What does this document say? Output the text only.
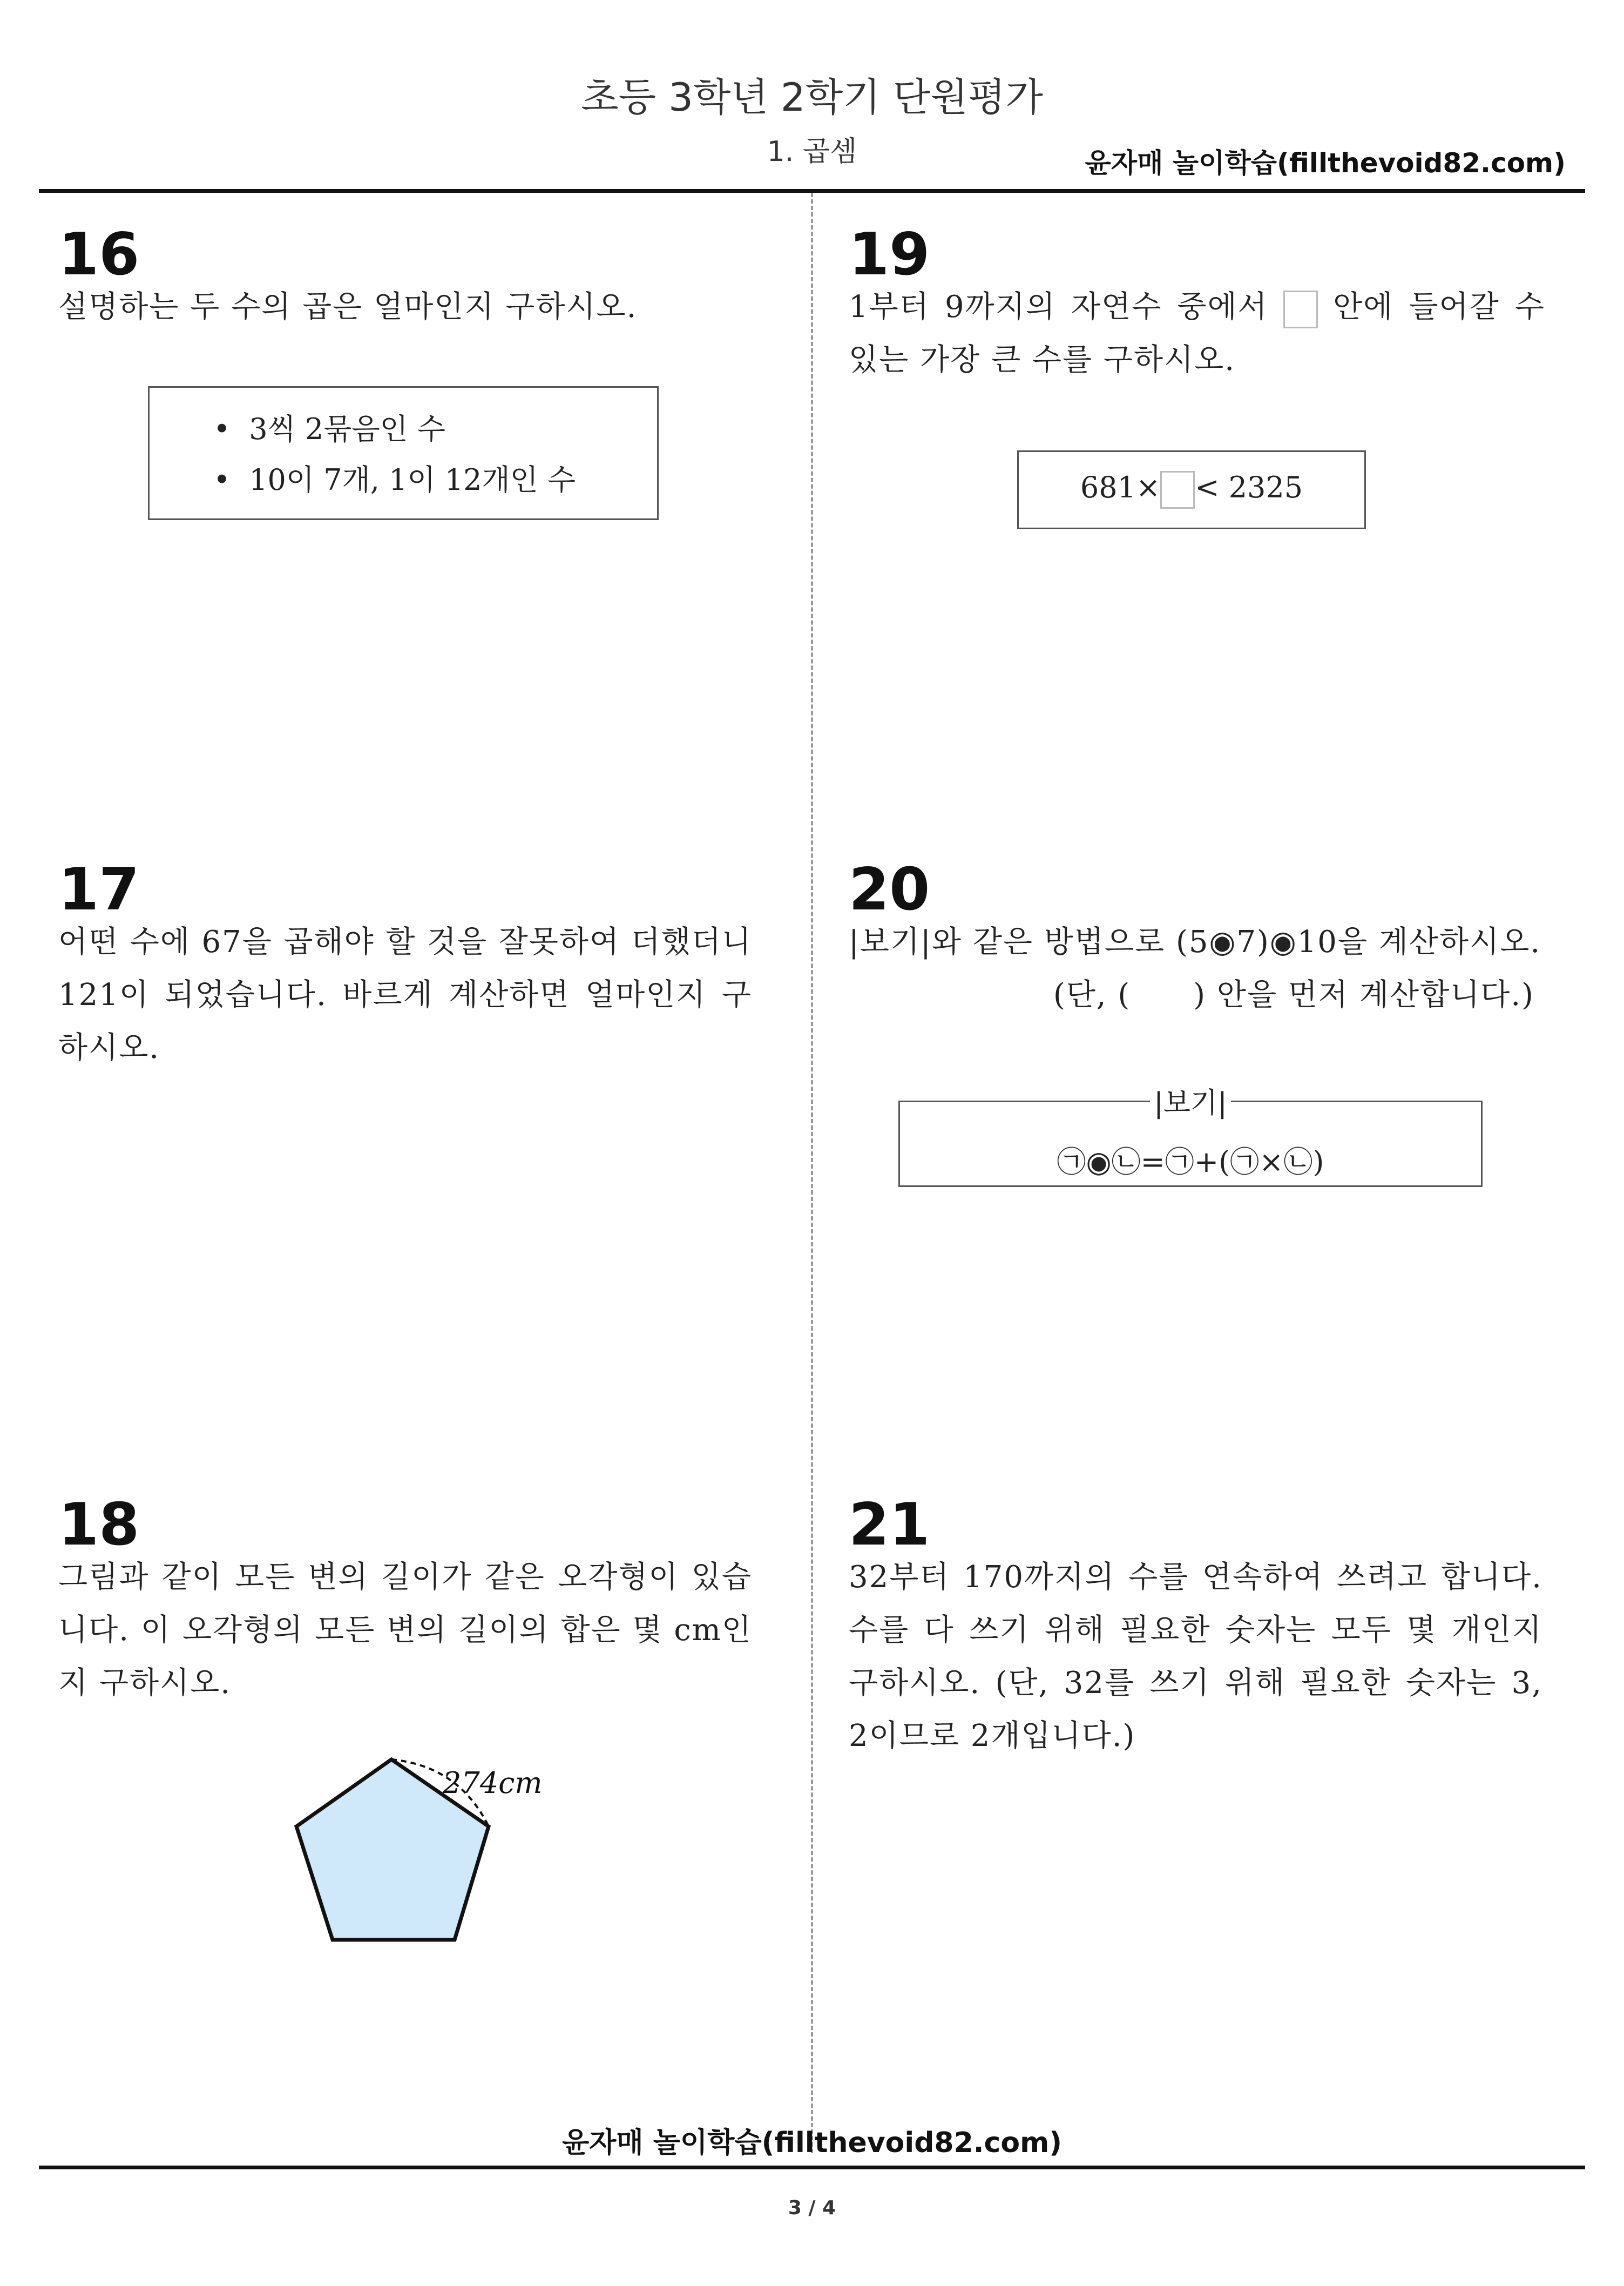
초등 3학년 2학기 단원평가
1. 곱셈	윤자매 놀이학습(fillthevoid82.com)
16
설명하는 두 수의 곱은 얼마인지 구하시오.
•  3씩 2묶음인 수
•  10이 7개, 1이 12개인 수
17
어떤 수에 67을 곱해야 할 것을 잘못하여 더했더니 121이 되었습니다. 바르게 계산하면 얼마인지 구하시오.
18
그림과 같이 모든 변의 길이가 같은 오각형이 있습니다. 이 오각형의 모든 변의 길이의 합은 몇 cm인지 구하시오.
274cm
19
1부터 9까지의 자연수 중에서 안에 들어갈 수 있는 가장 큰 수를 구하시오.
681× < 2325
20
|보기|와 같은 방법으로 (5◉7)◉10을 계산하시오.
(단, (　　) 안을 먼저 계산합니다.)
㉠◉㉡=㉠+(㉠×㉡)
|보기|
21
32부터 170까지의 수를 연속하여 쓰려고 합니다. 수를 다 쓰기 위해 필요한 숫자는 모두 몇 개인지 구하시오. (단, 32를 쓰기 위해 필요한 숫자는 3, 2이므로 2개입니다.)
윤자매 놀이학습(fillthevoid82.com)
3 / 4
